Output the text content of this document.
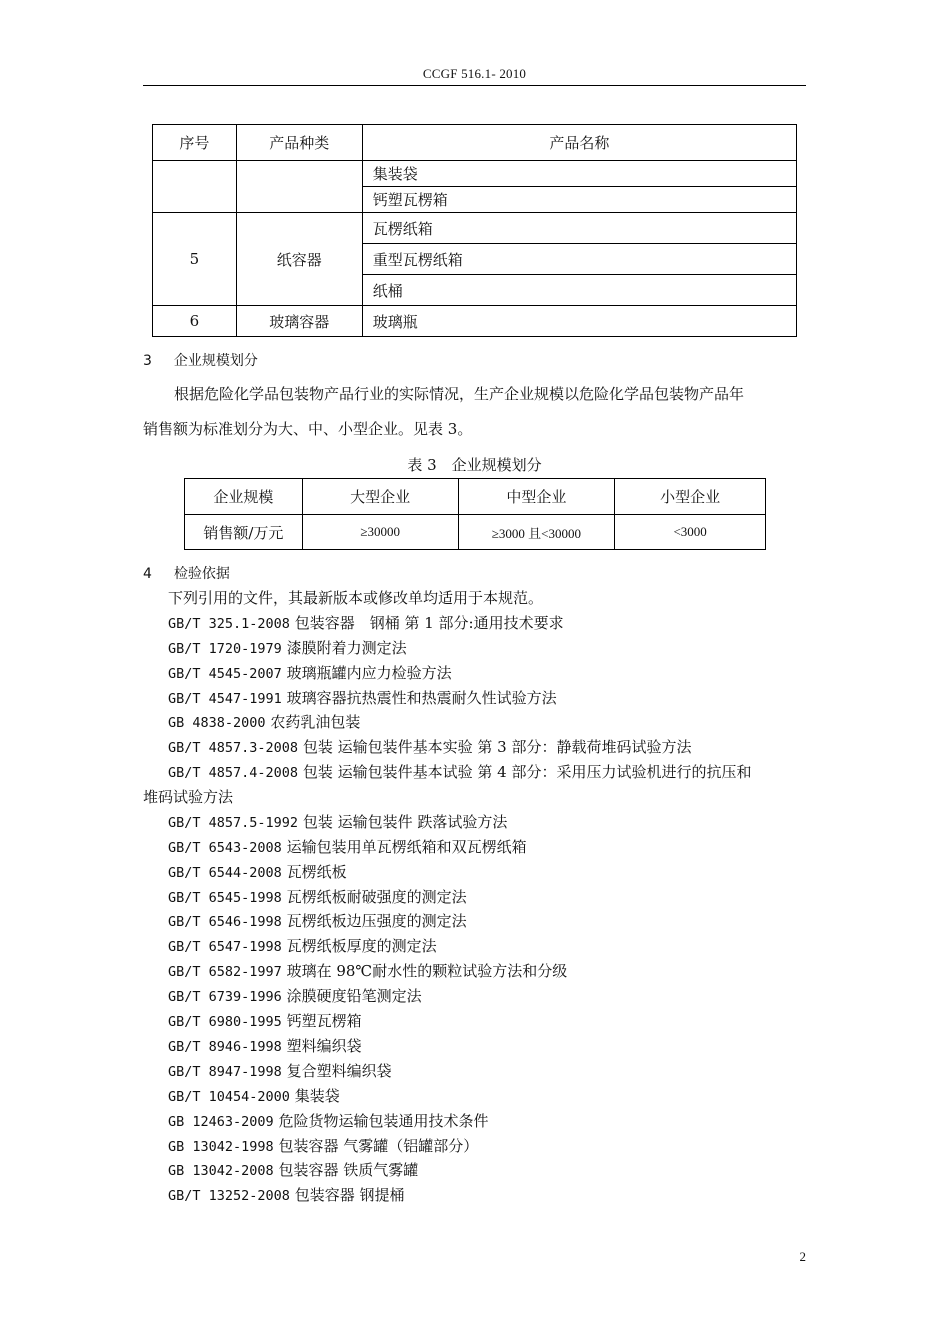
CCGF 516.1- 2010
序号	产品种类	产品名称
		集装袋
		钙塑瓦楞箱
5	纸容器	瓦楞纸箱
		重型瓦楞纸箱
		纸桶
6	玻璃容器	玻璃瓶
3 企业规模划分
根据危险化学品包装物产品行业的实际情况，生产企业规模以危险化学品包装物产品年
销售额为标准划分为大、中、小型企业。见表 3。
表 3　企业规模划分
企业规模	大型企业	中型企业	小型企业
销售额/万元	≥30000	≥3000 且<30000	<3000
4 检验依据
下列引用的文件，其最新版本或修改单均适用于本规范。
GB/T 325.1-2008 包装容器　钢桶 第 1 部分:通用技术要求
GB/T 1720-1979 漆膜附着力测定法
GB/T 4545-2007 玻璃瓶罐内应力检验方法
GB/T 4547-1991 玻璃容器抗热震性和热震耐久性试验方法
GB 4838-2000 农药乳油包装
GB/T 4857.3-2008 包装 运输包装件基本实验 第 3 部分：静载荷堆码试验方法
GB/T 4857.4-2008 包装 运输包装件基本试验 第 4 部分：采用压力试验机进行的抗压和
堆码试验方法
GB/T 4857.5-1992 包装 运输包装件 跌落试验方法
GB/T 6543-2008 运输包装用单瓦楞纸箱和双瓦楞纸箱
GB/T 6544-2008 瓦楞纸板
GB/T 6545-1998 瓦楞纸板耐破强度的测定法
GB/T 6546-1998 瓦楞纸板边压强度的测定法
GB/T 6547-1998 瓦楞纸板厚度的测定法
GB/T 6582-1997 玻璃在 98℃耐水性的颗粒试验方法和分级
GB/T 6739-1996 涂膜硬度铅笔测定法
GB/T 6980-1995 钙塑瓦楞箱
GB/T 8946-1998 塑料编织袋
GB/T 8947-1998 复合塑料编织袋
GB/T 10454-2000 集装袋
GB 12463-2009 危险货物运输包装通用技术条件
GB 13042-1998 包装容器 气雾罐（铝罐部分）
GB 13042-2008 包装容器 铁质气雾罐
GB/T 13252-2008 包装容器 钢提桶
2
